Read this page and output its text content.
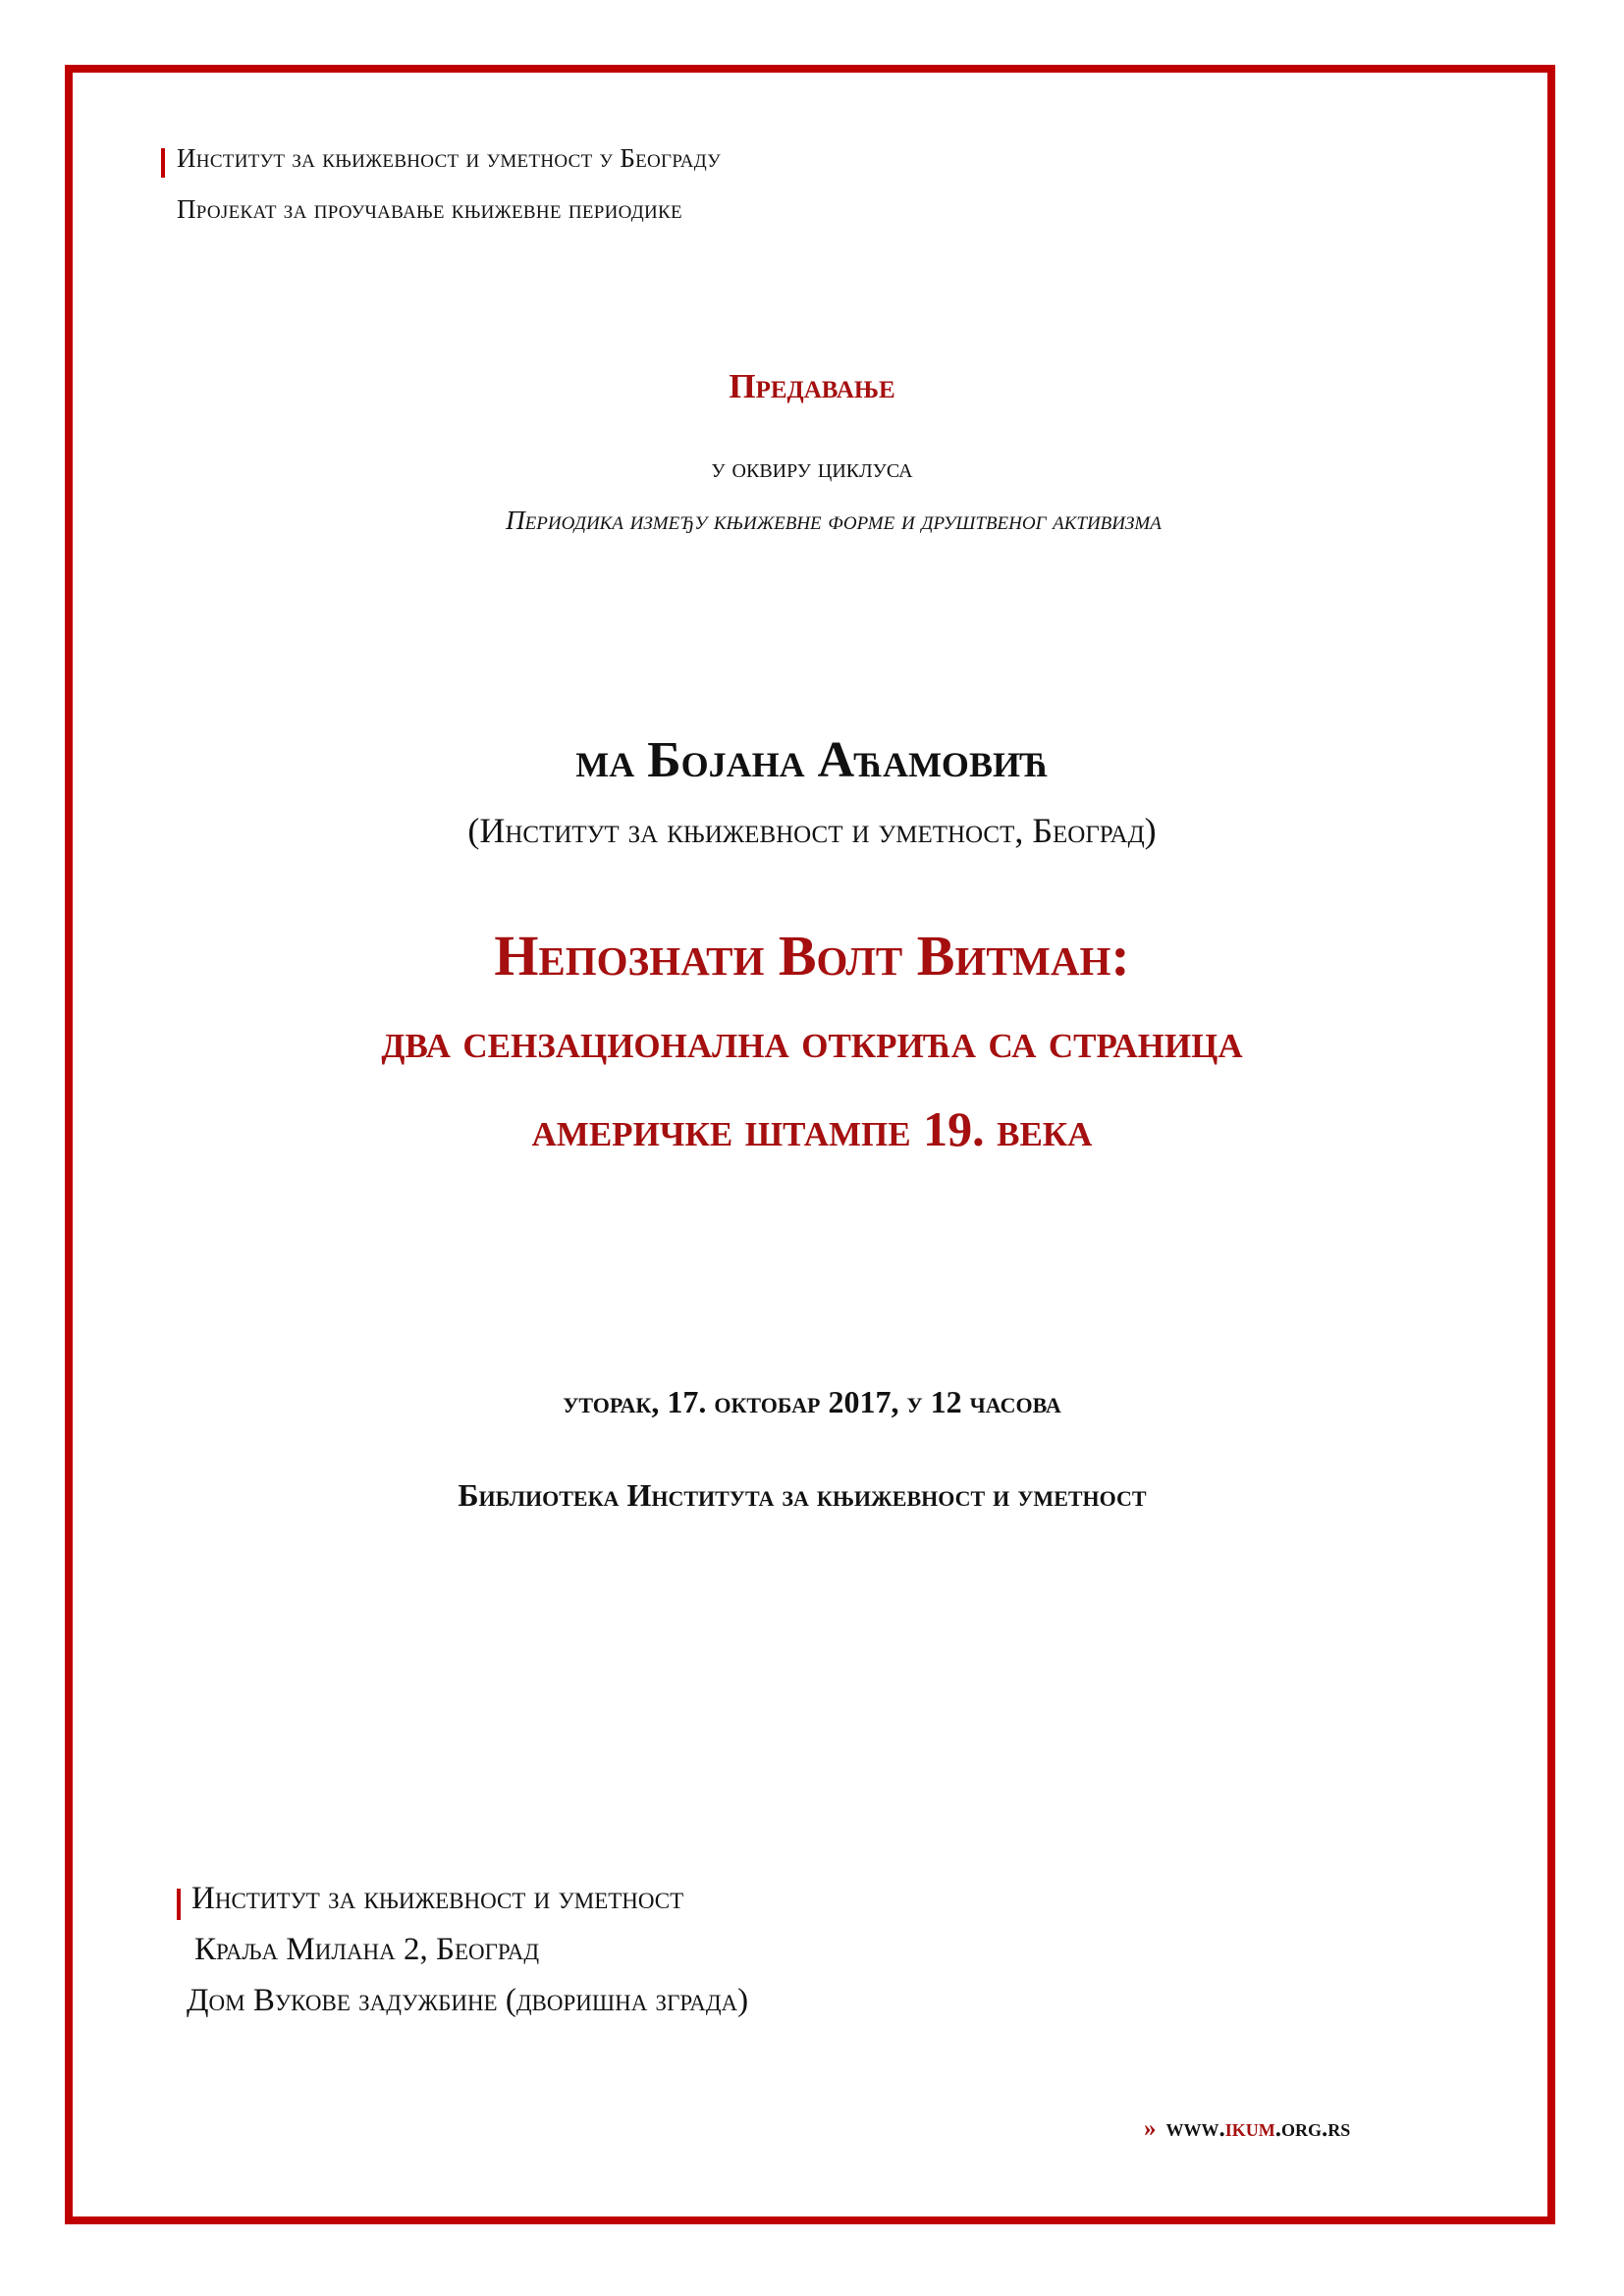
Институт за књижевност и уметност у Београду
Пројекат за проучавање књижевне периодике
Предавање
у оквиру циклуса
Периодика између књижевне форме и друштвеног активизма
ма Бојана Аћамовић
(Институт за књижевност и уметност, Београд)
Непознати Волт Витман:
два сензационална открића са страница
америчке штампе 19. века
уторак, 17. октобар 2017, у 12 часова
Библиотека Института за књижевност и уметност
Институт за књижевност и уметност
Краља Милана 2, Београд
Дом Вукове задужбине (дворишна зграда)
» www.ikum.org.rs
